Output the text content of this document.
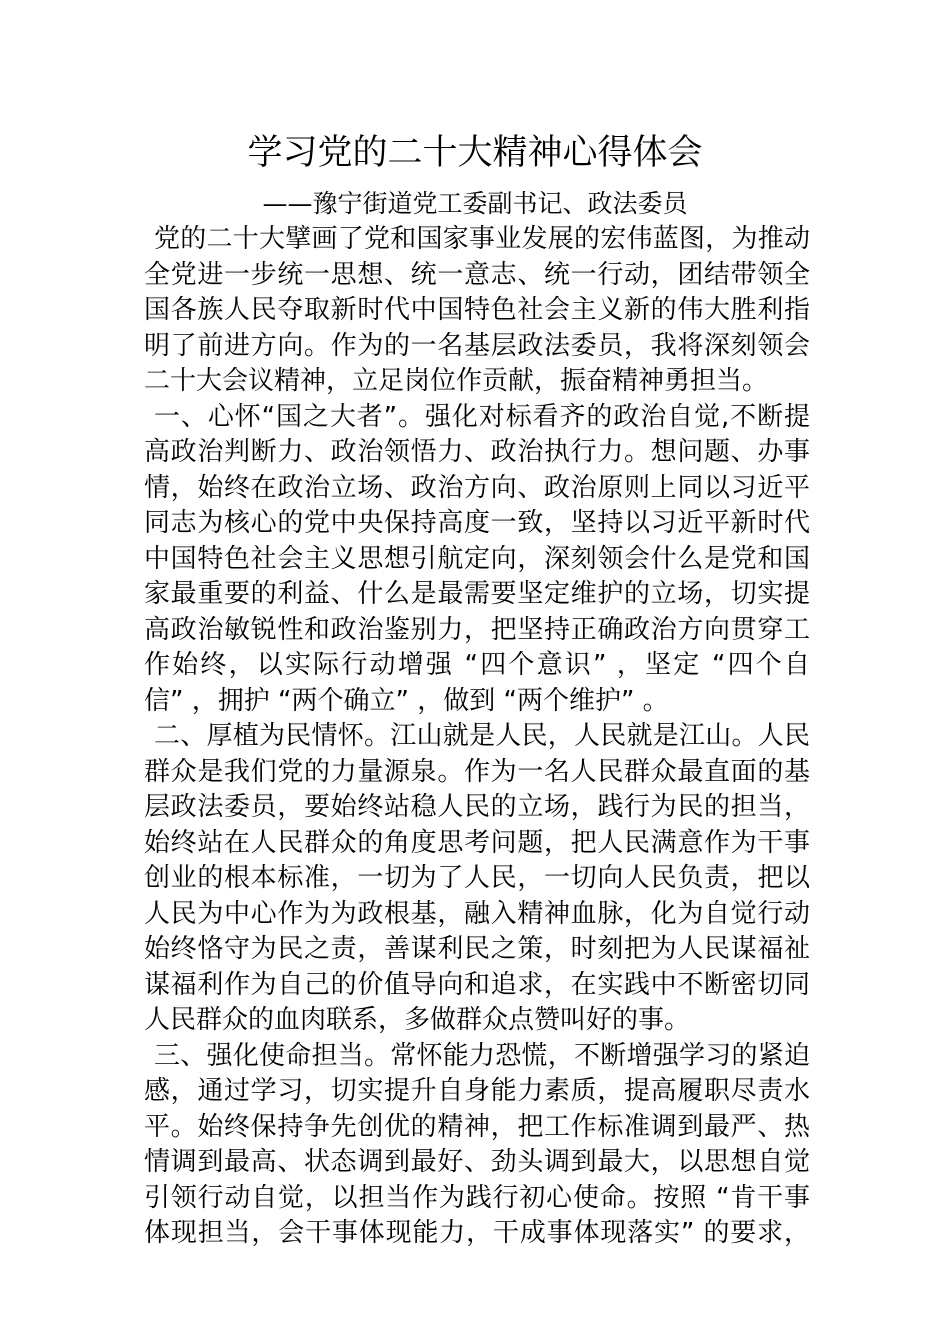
学习党的二十大精神心得体会
——豫宁街道党工委副书记、政法委员
党的二十大擘画了党和国家事业发展的宏伟蓝图，为推动
全党进一步统一思想、统一意志、统一行动，团结带领全
国各族人民夺取新时代中国特色社会主义新的伟大胜利指
明了前进方向。作为的一名基层政法委员，我将深刻领会
二十大会议精神，立足岗位作贡献，振奋精神勇担当。
一、心怀“国之大者”。强化对标看齐的政治自觉,不断提
高政治判断力、政治领悟力、政治执行力。想问题、办事
情，始终在政治立场、政治方向、政治原则上同以习近平
同志为核心的党中央保持高度一致，坚持以习近平新时代
中国特色社会主义思想引航定向，深刻领会什么是党和国
家最重要的利益、什么是最需要坚定维护的立场，切实提
高政治敏锐性和政治鉴别力，把坚持正确政治方向贯穿工
作始终，以实际行动增强 “四个意识” ，坚定 “四个自
信” ，拥护 “两个确立” ，做到 “两个维护” 。
二、厚植为民情怀。江山就是人民，人民就是江山。人民
群众是我们党的力量源泉。作为一名人民群众最直面的基
层政法委员，要始终站稳人民的立场，践行为民的担当，
始终站在人民群众的角度思考问题，把人民满意作为干事
创业的根本标准，一切为了人民，一切向人民负责，把以
人民为中心作为为政根基，融入精神血脉，化为自觉行动
始终恪守为民之责，善谋利民之策，时刻把为人民谋福祉
谋福利作为自己的价值导向和追求，在实践中不断密切同
人民群众的血肉联系，多做群众点赞叫好的事。
三、强化使命担当。常怀能力恐慌，不断增强学习的紧迫
感，通过学习，切实提升自身能力素质，提高履职尽责水
平。始终保持争先创优的精神，把工作标准调到最严、热
情调到最高、状态调到最好、劲头调到最大，以思想自觉
引领行动自觉，以担当作为践行初心使命。按照 “肯干事
体现担当，会干事体现能力，干成事体现落实” 的要求，
